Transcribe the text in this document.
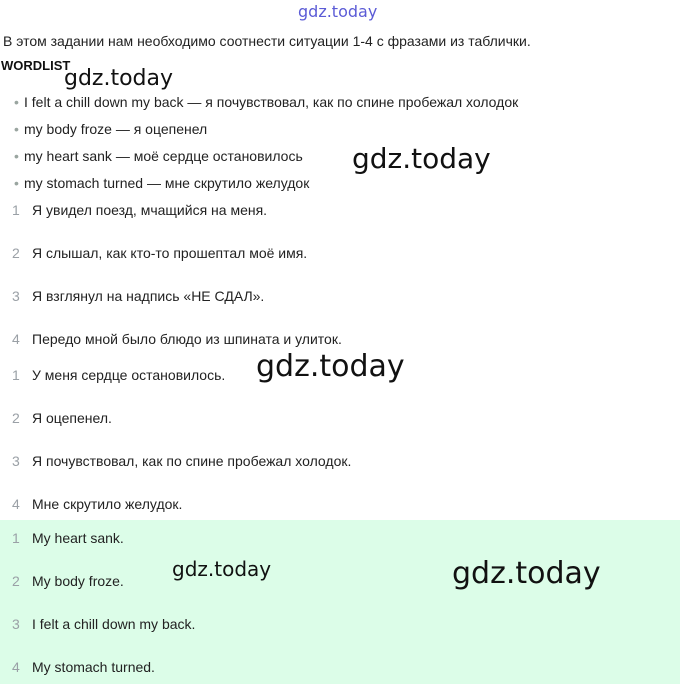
В этом задании нам необходимо соотнести ситуации 1-4 с фразами из таблички.
WORDLIST
• I felt a chill down my back — я почувствовал, как по спине пробежал холодок
• my body froze — я оцепенел
• my heart sank — моё сердце остановилось
• my stomach turned — мне скрутило желудок
1 Я увидел поезд, мчащийся на меня.
2 Я слышал, как кто-то прошептал моё имя.
3 Я взглянул на надпись «НЕ СДАЛ».
4 Передо мной было блюдо из шпината и улиток.
1 У меня сердце остановилось.
2 Я оцепенел.
3 Я почувствовал, как по спине пробежал холодок.
4 Мне скрутило желудок.
1 My heart sank.
2 My body froze.
3 I felt a chill down my back.
4 My stomach turned.
gdz.today
gdz.today
gdz.today
gdz.today
gdz.today	gdz.today
